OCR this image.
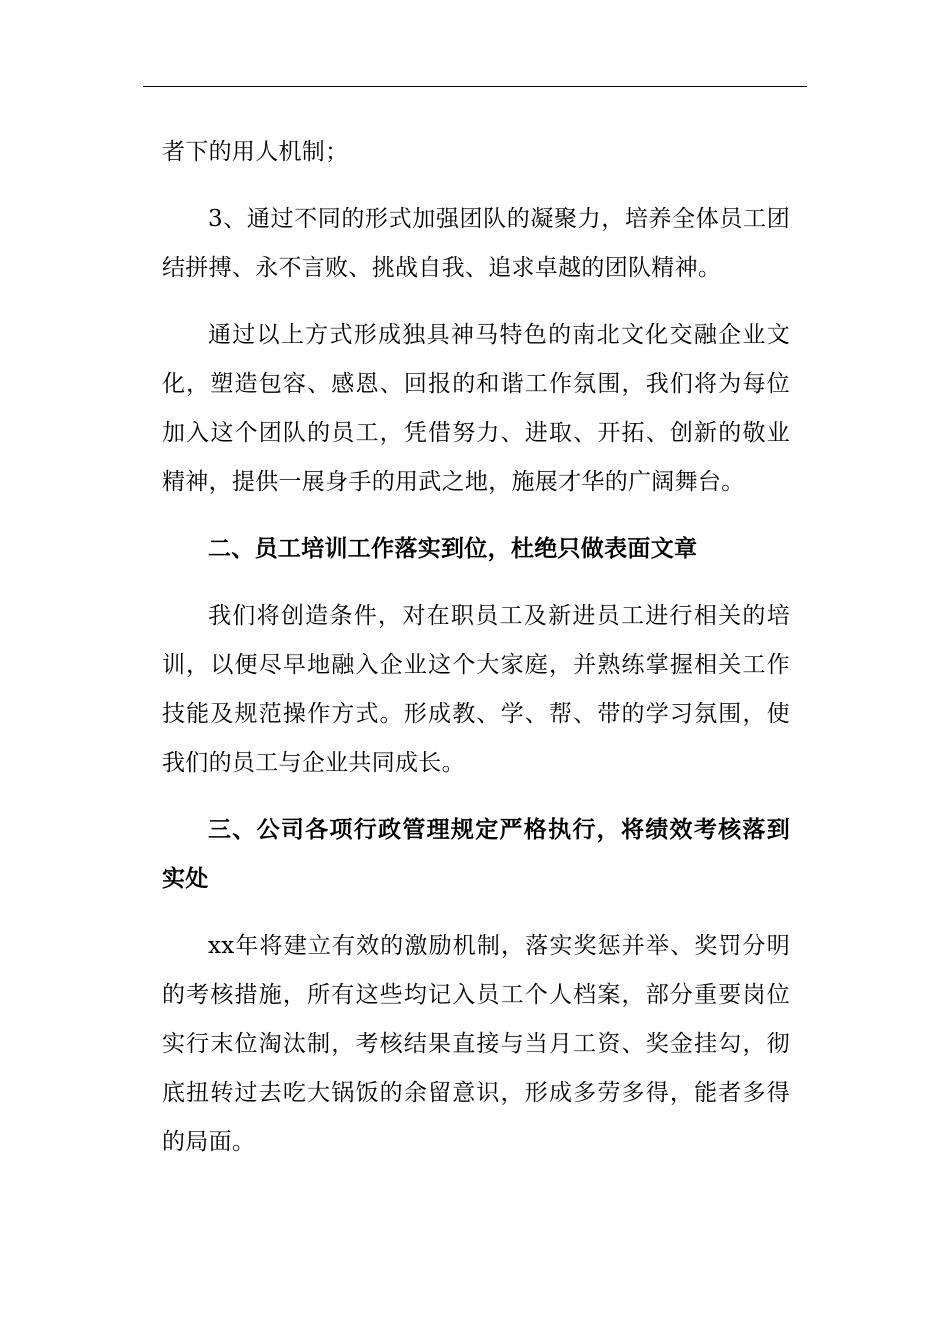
者下的用人机制；

3、通过不同的形式加强团队的凝聚力，培养全体员工团结拼搏、永不言败、挑战自我、追求卓越的团队精神。

通过以上方式形成独具神马特色的南北文化交融企业文化，塑造包容、感恩、回报的和谐工作氛围，我们将为每位加入这个团队的员工，凭借努力、进取、开拓、创新的敬业精神，提供一展身手的用武之地，施展才华的广阔舞台。

二、员工培训工作落实到位，杜绝只做表面文章

我们将创造条件，对在职员工及新进员工进行相关的培训，以便尽早地融入企业这个大家庭，并熟练掌握相关工作技能及规范操作方式。形成教、学、帮、带的学习氛围，使我们的员工与企业共同成长。

三、公司各项行政管理规定严格执行，将绩效考核落到实处

xx年将建立有效的激励机制，落实奖惩并举、奖罚分明的考核措施，所有这些均记入员工个人档案，部分重要岗位实行末位淘汰制，考核结果直接与当月工资、奖金挂勾，彻底扭转过去吃大锅饭的余留意识，形成多劳多得，能者多得的局面。
